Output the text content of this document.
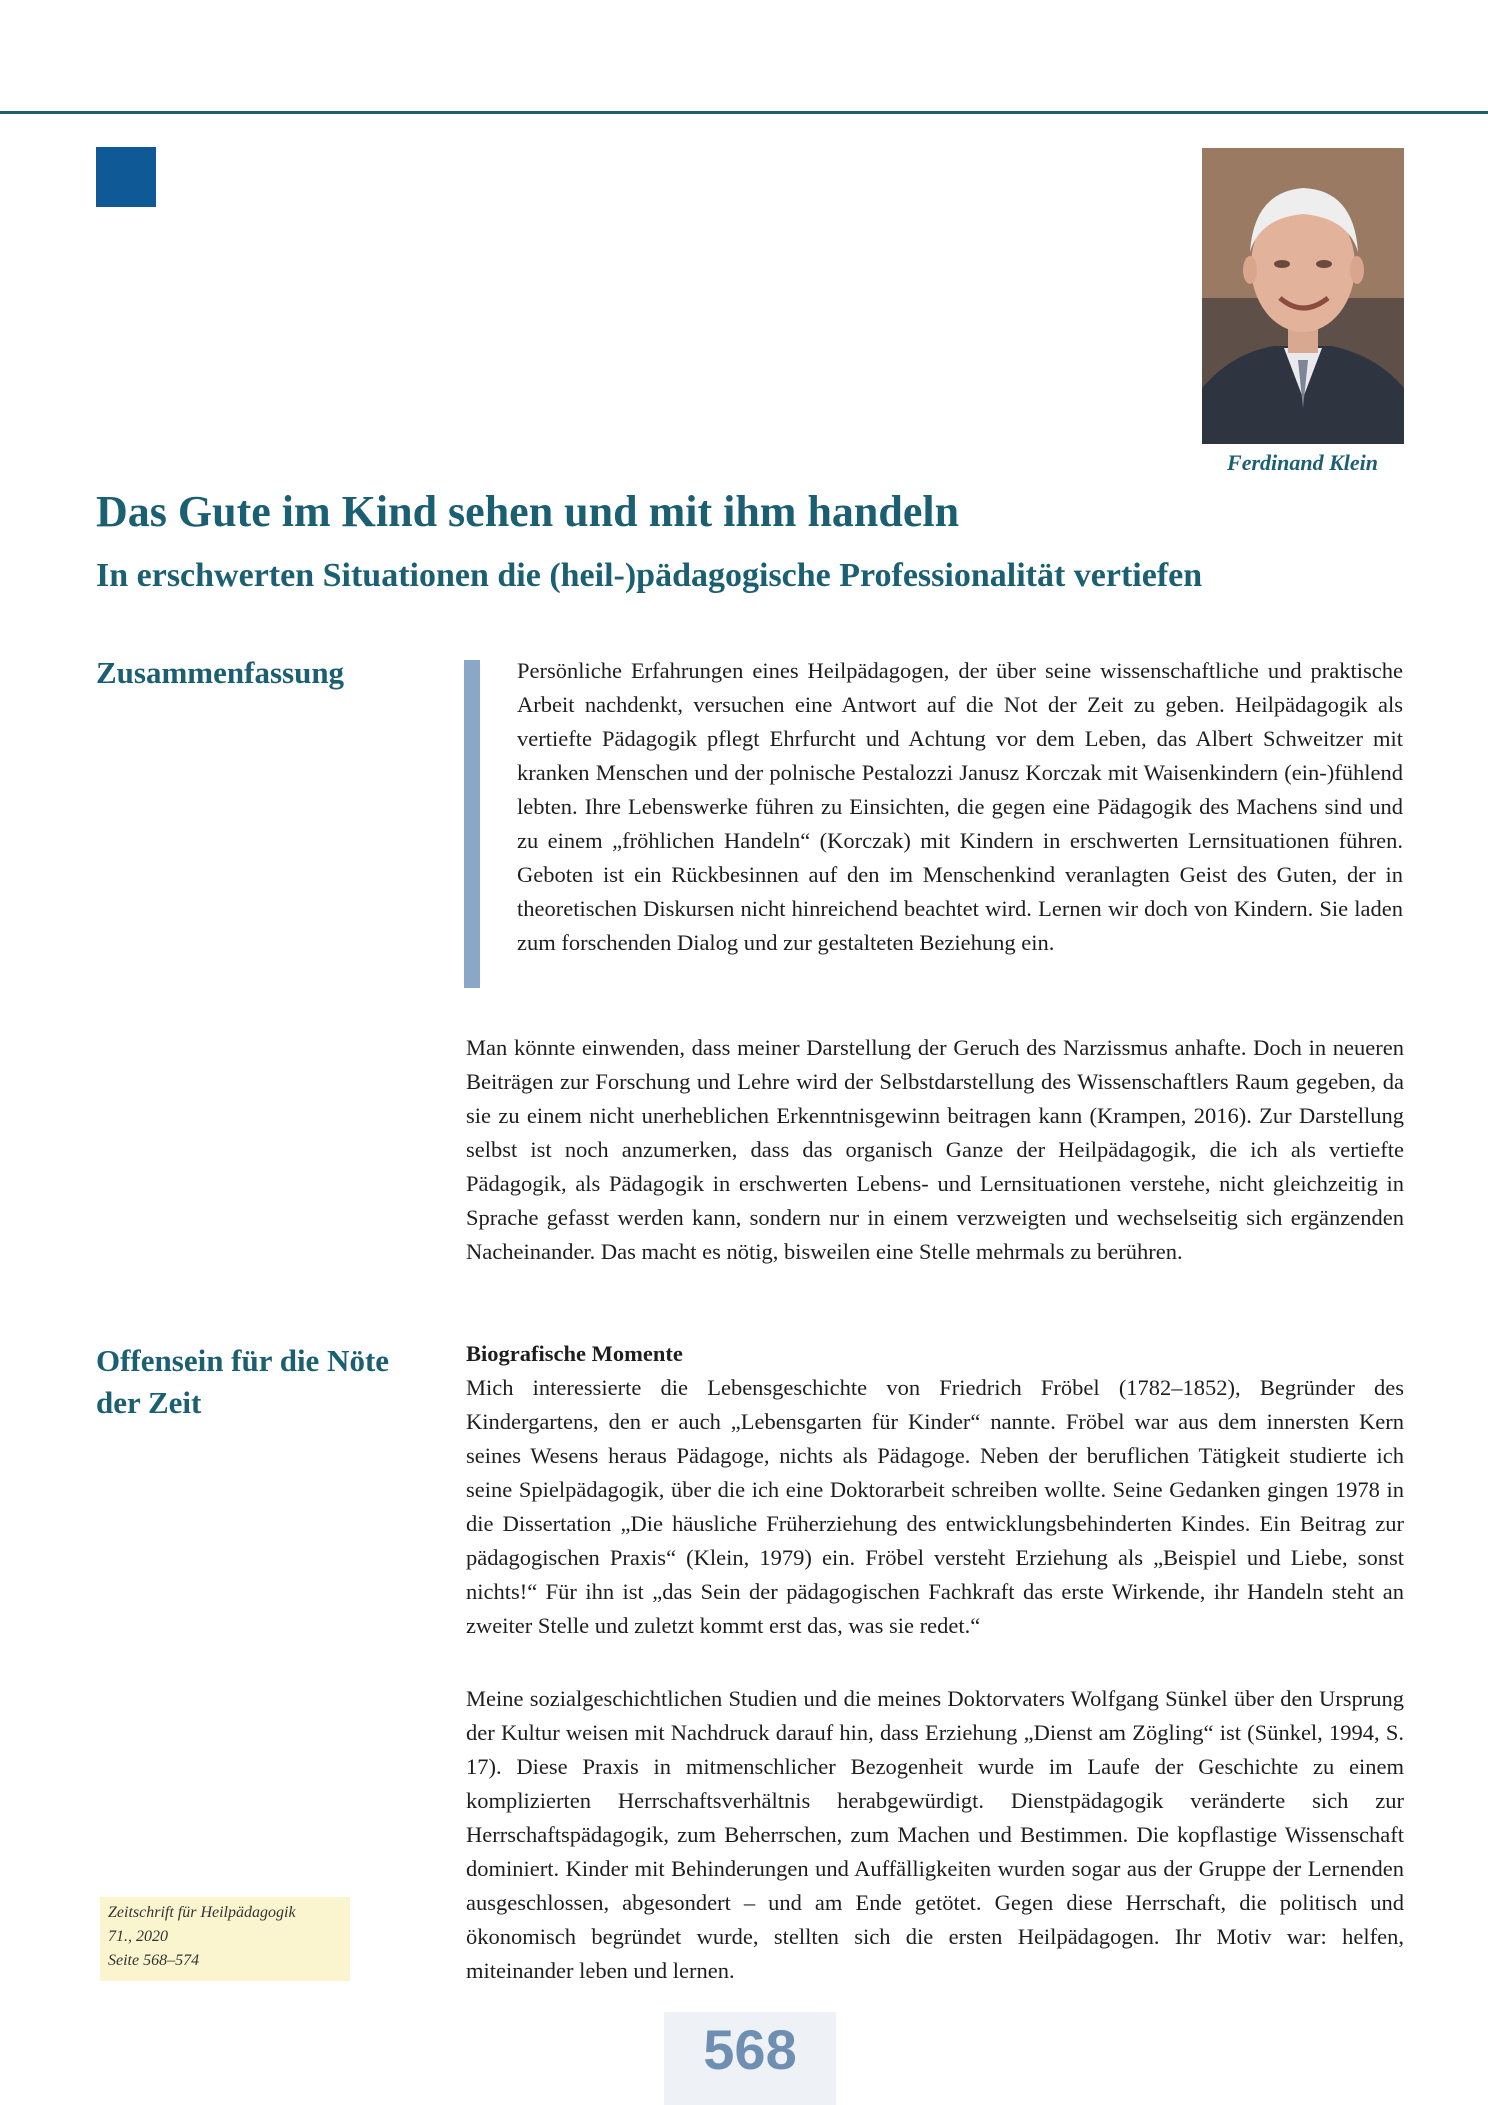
Ferdinand Klein
Das Gute im Kind sehen und mit ihm handeln
In erschwerten Situationen die (heil-)pädagogische Professionalität vertiefen
Zusammenfassung
Offensein für die Nöte der Zeit

Persönliche Erfahrungen eines Heilpädagogen, der über seine wissenschaftliche und praktische Arbeit nachdenkt, versuchen eine Antwort auf die Not der Zeit zu geben. Heilpädagogik als vertiefte Pädagogik pflegt Ehrfurcht und Achtung vor dem Leben, das Albert Schweitzer mit kranken Menschen und der polnische Pestalozzi Janusz Korczak mit Waisenkindern (ein-)fühlend lebten. Ihre Lebenswerke führen zu Einsichten, die gegen eine Pädagogik des Machens sind und zu einem „fröhlichen Handeln“ (Korczak) mit Kindern in erschwerten Lernsituationen führen. Geboten ist ein Rückbesinnen auf den im Menschenkind veranlagten Geist des Guten, der in theoretischen Diskursen nicht hinreichend beachtet wird. Lernen wir doch von Kindern. Sie laden zum forschenden Dialog und zur gestalteten Beziehung ein.

Man könnte einwenden, dass meiner Darstellung der Geruch des Narzissmus anhafte. Doch in neueren Beiträgen zur Forschung und Lehre wird der Selbstdarstellung des Wissenschaftlers Raum gegeben, da sie zu einem nicht unerheblichen Erkenntnisgewinn beitragen kann (Krampen, 2016). Zur Darstellung selbst ist noch anzumerken, dass das organisch Ganze der Heilpädagogik, die ich als vertiefte Pädagogik, als Pädagogik in erschwerten Lebens- und Lernsituationen verstehe, nicht gleichzeitig in Sprache gefasst werden kann, sondern nur in einem verzweigten und wechselseitig sich ergänzenden Nacheinander. Das macht es nötig, bisweilen eine Stelle mehrmals zu berühren.

Biografische Momente

Mich interessierte die Lebensgeschichte von Friedrich Fröbel (1782–1852), Begründer des Kindergartens, den er auch „Lebensgarten für Kinder“ nannte. Fröbel war aus dem innersten Kern seines Wesens heraus Pädagoge, nichts als Pädagoge. Neben der beruflichen Tätigkeit studierte ich seine Spielpädagogik, über die ich eine Doktorarbeit schreiben wollte. Seine Gedanken gingen 1978 in die Dissertation „Die häusliche Früherziehung des entwicklungsbehinderten Kindes. Ein Beitrag zur pädagogischen Praxis“ (Klein, 1979) ein. Fröbel versteht Erziehung als „Beispiel und Liebe, sonst nichts!“ Für ihn ist „das Sein der pädagogischen Fachkraft das erste Wirkende, ihr Handeln steht an zweiter Stelle und zuletzt kommt erst das, was sie redet.“

Meine sozialgeschichtlichen Studien und die meines Doktorvaters Wolfgang Sünkel über den Ursprung der Kultur weisen mit Nachdruck darauf hin, dass Erziehung „Dienst am Zögling“ ist (Sünkel, 1994, S. 17). Diese Praxis in mitmenschlicher Bezogenheit wurde im Laufe der Geschichte zu einem komplizierten Herrschaftsverhältnis herabgewürdigt. Dienstpädagogik veränderte sich zur Herrschaftspädagogik, zum Beherrschen, zum Machen und Bestimmen. Die kopflastige Wissenschaft dominiert. Kinder mit Behinderungen und Auffälligkeiten wurden sogar aus der Gruppe der Lernenden ausgeschlossen, abgesondert – und am Ende getötet. Gegen diese Herrschaft, die politisch und ökonomisch begründet wurde, stellten sich die ersten Heilpädagogen. Ihr Motiv war: helfen, miteinander leben und lernen.

Zeitschrift für Heilpädagogik
71., 2020
Seite 568–574
568
